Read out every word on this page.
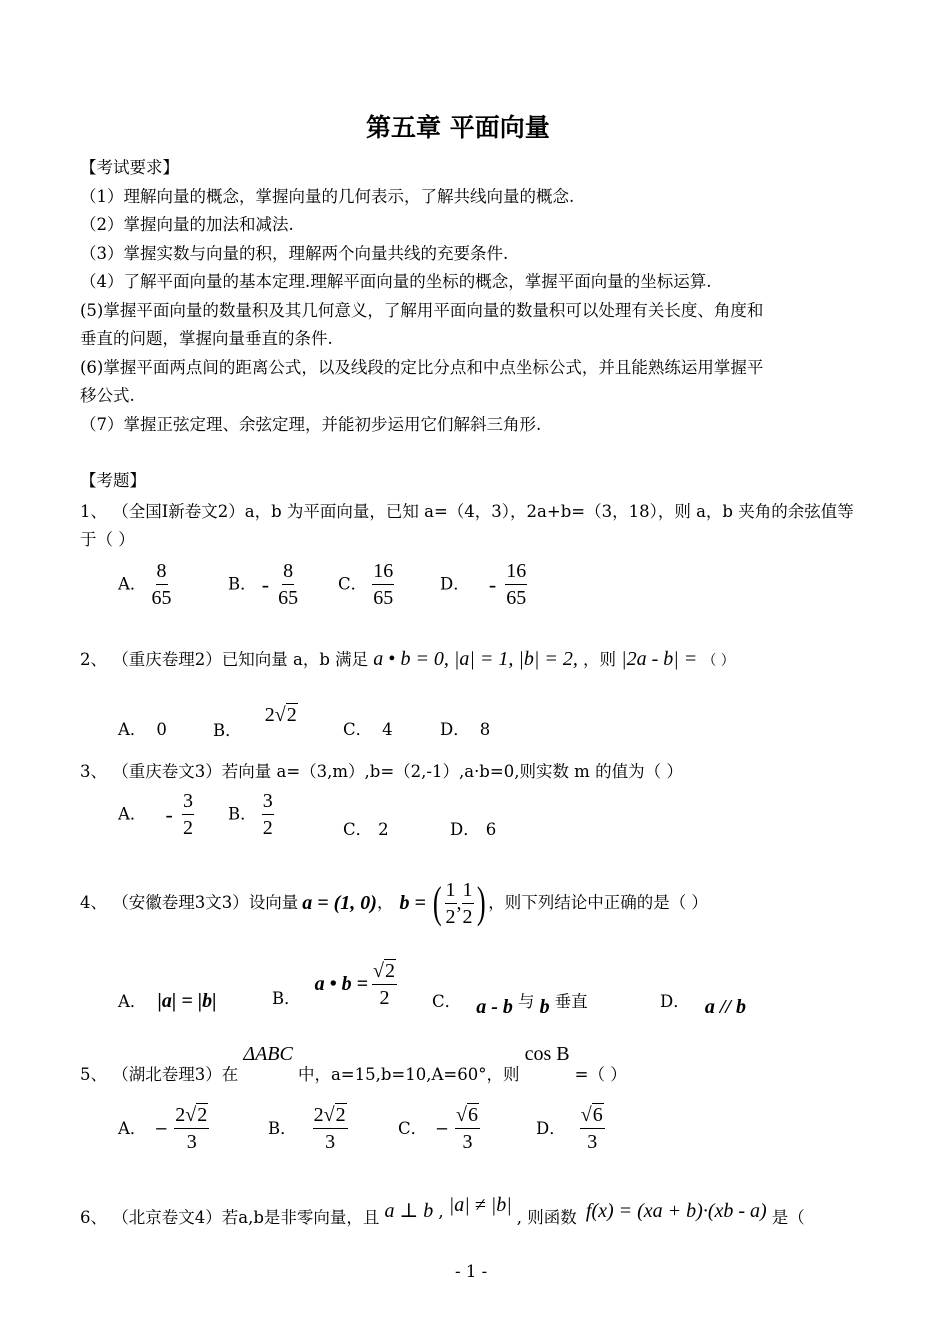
第五章 平面向量
【考试要求】
（1）理解向量的概念，掌握向量的几何表示，了解共线向量的概念.
（2）掌握向量的加法和减法.
（3）掌握实数与向量的积，理解两个向量共线的充要条件.
（4）了解平面向量的基本定理.理解平面向量的坐标的概念，掌握平面向量的坐标运算.
(5)掌握平面向量的数量积及其几何意义，了解用平面向量的数量积可以处理有关长度、角度和
垂直的问题，掌握向量垂直的条件.
(6)掌握平面两点间的距离公式，以及线段的定比分点和中点坐标公式，并且能熟练运用掌握平
移公式.
（7）掌握正弦定理、余弦定理，并能初步运用它们解斜三角形.
【考题】
1、 （全国Ⅰ新卷文2）a，b 为平面向量，已知 a=（4，3），2a+b=（3，18），则 a，b 夹角的余弦值等
于（ ）
A． $\frac{8}{65}$	B． - $\frac{8}{65}$ C． $\frac{16}{65}$	D． - $\frac{16}{65}$
2、 （重庆卷理2）已知向量 a，b 满足 a • b = 0, |a| = 1, |b| = 2, ，则 |2a - b| = （ ）
A． 0	B． 2√2
C． 4	D． 8
3、 （重庆卷文3）若向量 a=（3,m）,b=（2,-1）,a·b=0,则实数 m 的值为（ ）
A． - $\frac{3}{2}$ B． $\frac{3}{2}$	C． 2	D． 6
4、 （安徽卷理3文3）设向量 a = (1, 0) ， b = ( $\frac{1}{2}$ , $\frac{1}{2}$ ) ，则下列结论中正确的是（ ）
A． |a| = |b|	B．
a • $b = \frac{√2}{2}$ C． a - b 与 b 垂直	D． a // b
5、 （湖北卷理3）在 ΔABC 中，a=15,b=10,A=60°，则 cos B =（ ）
A． − $\frac{2√2}{3}$	B． $\frac{2√2}{3}$	C． − $\frac{√6}{3}$	D． $\frac{√6}{3}$
6、 （北京卷文4）若a,b是非零向量，且 a ⊥ b , |a| ≠ |b| , 则函数 f(x) = (xa + b)·(xb - a) 是（
- 1 -
